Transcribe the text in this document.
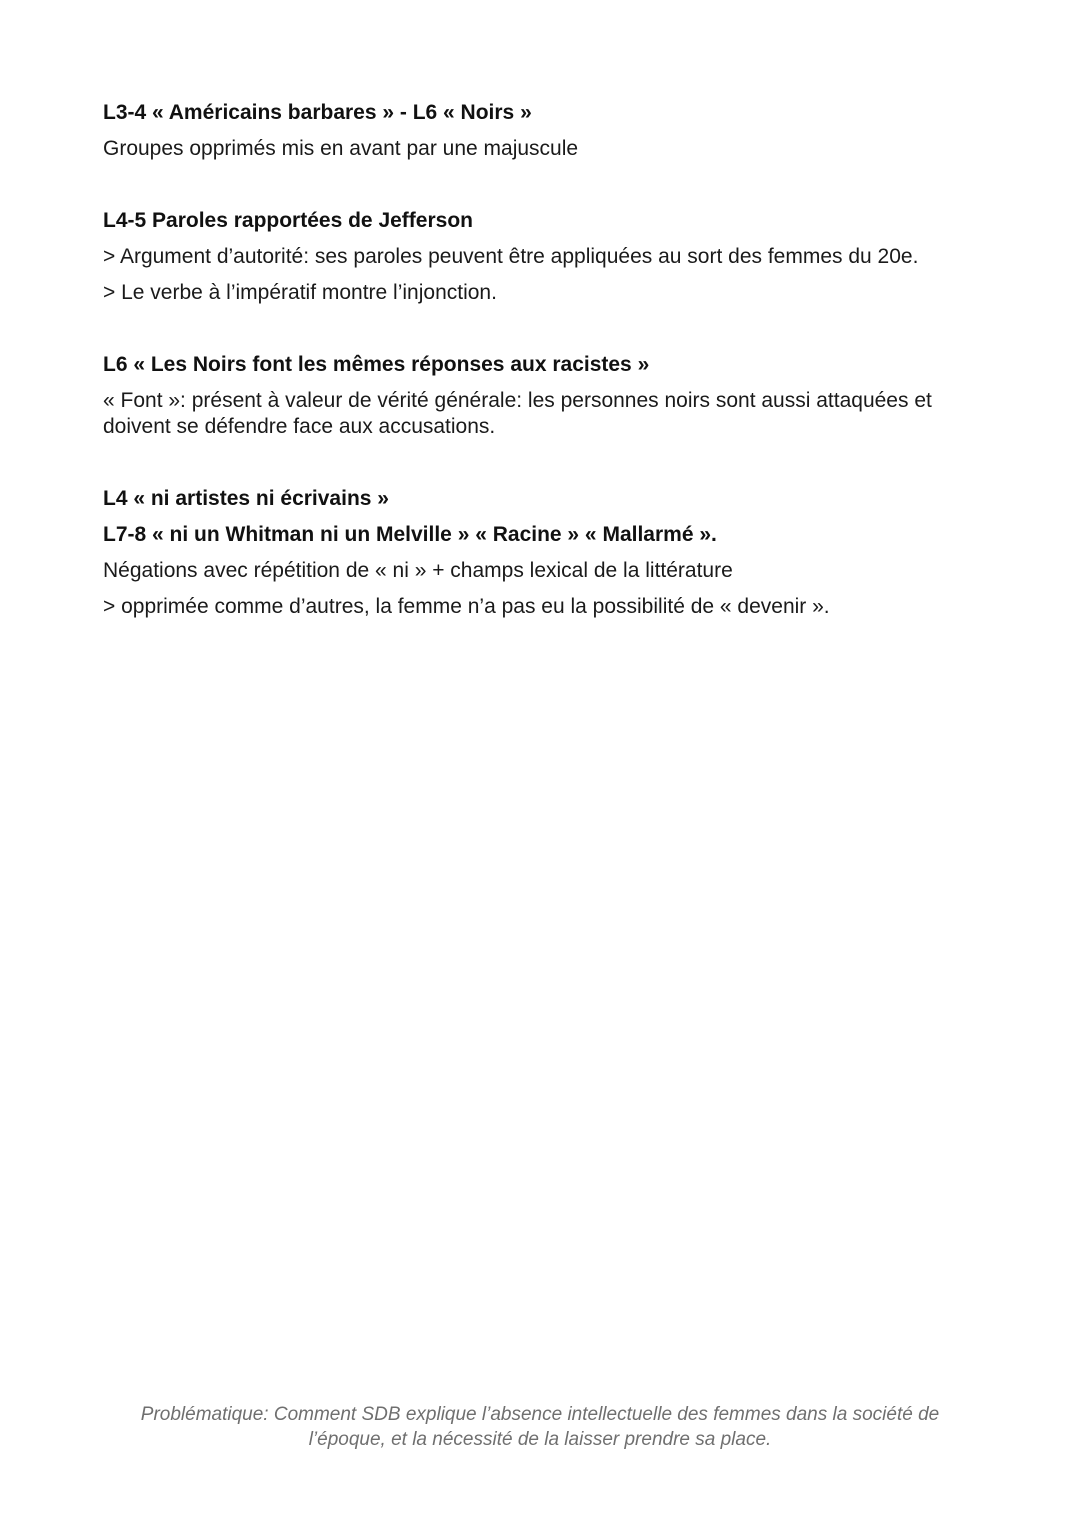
L3-4 « Américains barbares » - L6 « Noirs »

Groupes opprimés mis en avant par une majuscule

L4-5 Paroles rapportées de Jefferson

> Argument d’autorité: ses paroles peuvent être appliquées au sort des femmes du 20e.

> Le verbe à l’impératif montre l’injonction.

L6 « Les Noirs font les mêmes réponses aux racistes »

« Font »: présent à valeur de vérité générale: les personnes noirs sont aussi attaquées et doivent se défendre face aux accusations.

L4 « ni artistes ni écrivains »

L7-8 « ni un Whitman ni un Melville » « Racine » « Mallarmé ».

Négations avec répétition de « ni » + champs lexical de la littérature

> opprimée comme d’autres, la femme n’a pas eu la possibilité de « devenir ».

Problématique: Comment SDB explique l’absence intellectuelle des femmes dans la société de l’époque, et la nécessité de la laisser prendre sa place.
